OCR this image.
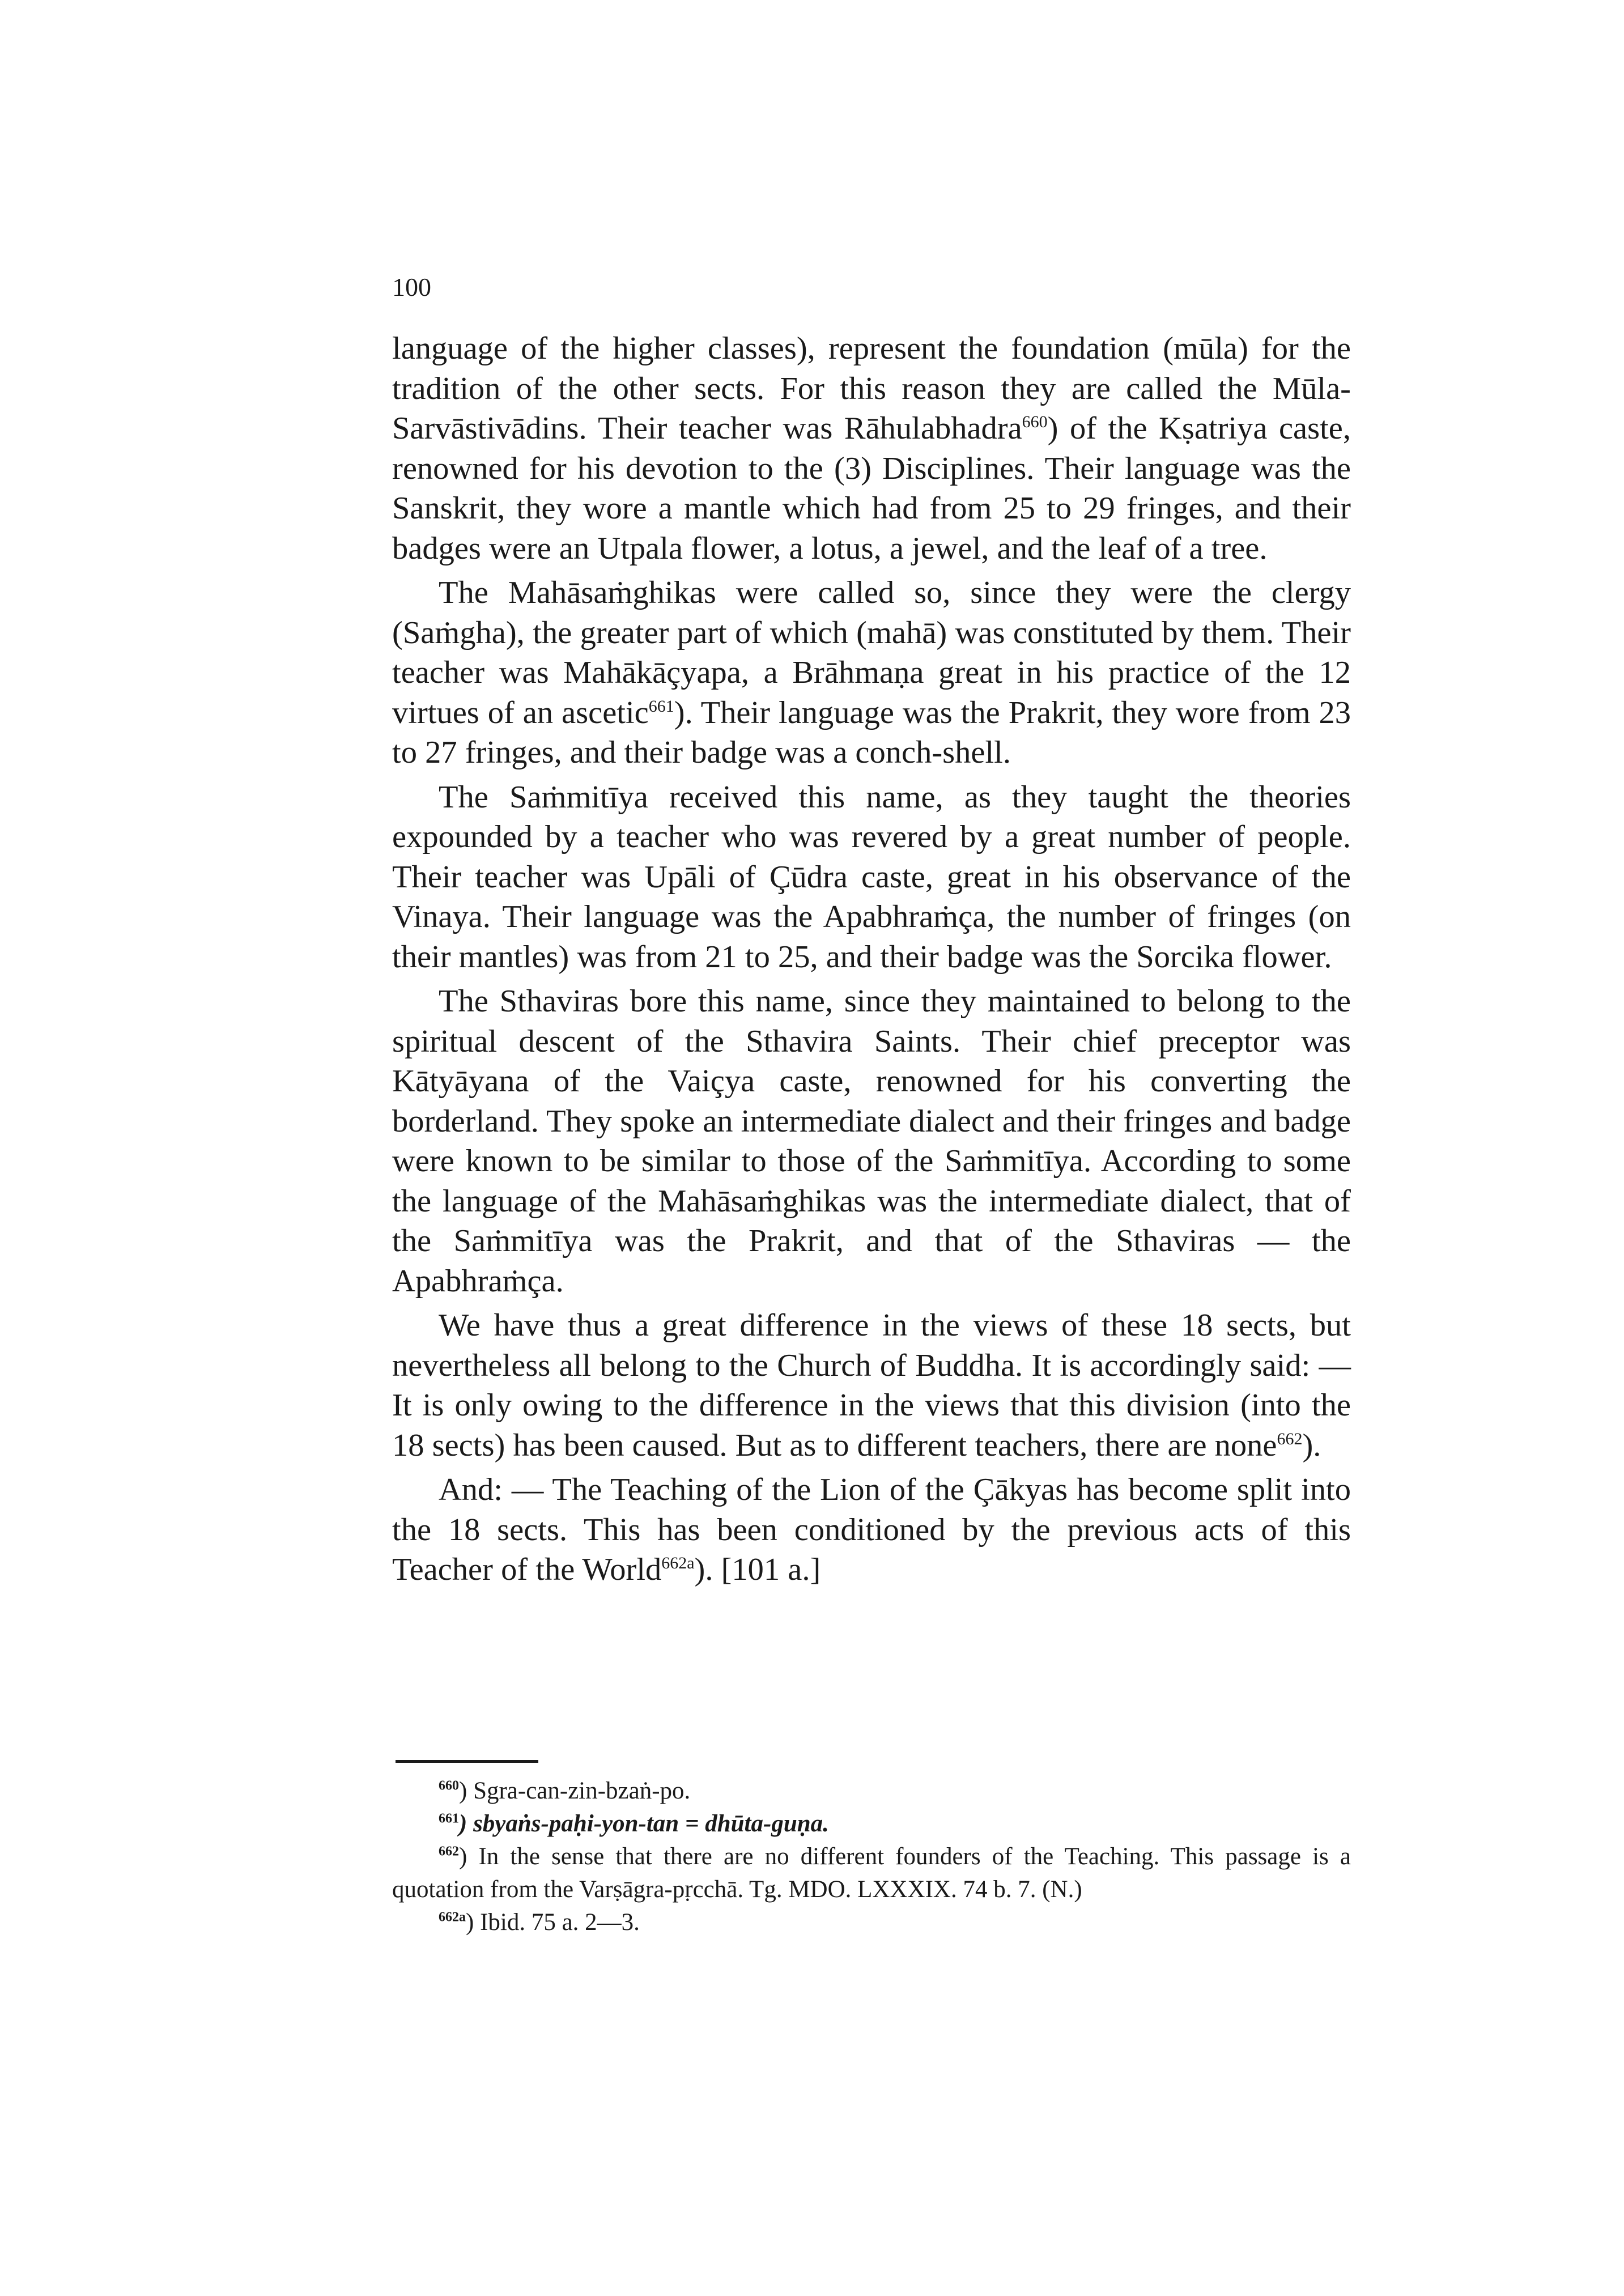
100

language of the higher classes), represent the foundation (mūla) for the tradition of the other sects. For this reason they are called the Mūla-Sarvāstivādins. Their teacher was Rāhulabhadra$^{660}$) of the Kṣatriya caste, renowned for his devotion to the (3) Disciplines. Their language was the Sanskrit, they wore a mantle which had from 25 to 29 fringes, and their badges were an Utpala flower, a lotus, a jewel, and the leaf of a tree.

The Mahāsaṁghikas were called so, since they were the clergy (Saṁgha), the greater part of which (mahā) was constituted by them. Their teacher was Mahākāçyapa, a Brāhmaṇa great in his practice of the 12 virtues of an ascetic$^{661}$). Their language was the Prakrit, they wore from 23 to 27 fringes, and their badge was a conch-shell.

The Saṁmitīya received this name, as they taught the theories expounded by a teacher who was revered by a great number of people. Their teacher was Upāli of Çūdra caste, great in his observance of the Vinaya. Their language was the Apabhraṁça, the number of fringes (on their mantles) was from 21 to 25, and their badge was the Sorcika flower.

The Sthaviras bore this name, since they maintained to belong to the spiritual descent of the Sthavira Saints. Their chief preceptor was Kātyāyana of the Vaiçya caste, renowned for his converting the borderland. They spoke an intermediate dialect and their fringes and badge were known to be similar to those of the Saṁmitīya. According to some the language of the Mahāsaṁghikas was the intermediate dialect, that of the Saṁmitīya was the Prakrit, and that of the Sthaviras — the Apabhraṁça.

We have thus a great difference in the views of these 18 sects, but nevertheless all belong to the Church of Buddha. It is accordingly said: — It is only owing to the difference in the views that this division (into the 18 sects) has been caused. But as to different teachers, there are none$^{662}$).

And: — The Teaching of the Lion of the Çākyas has become split into the 18 sects. This has been conditioned by the previous acts of this Teacher of the World$^{662a}$). [101 a.]

$^{660}$) Sgra-can-zin-bzaṅ-po.

$^{661}$) sbyaṅs-paḥi-yon-tan = dhūta-guṇa.

$^{662}$) In the sense that there are no different founders of the Teaching. This passage is a quotation from the Varṣāgra-pṛcchā. Tg. MDO. LXXXIX. 74 b. 7. (N.)

$^{662a}$) Ibid. 75 a. 2—3.
